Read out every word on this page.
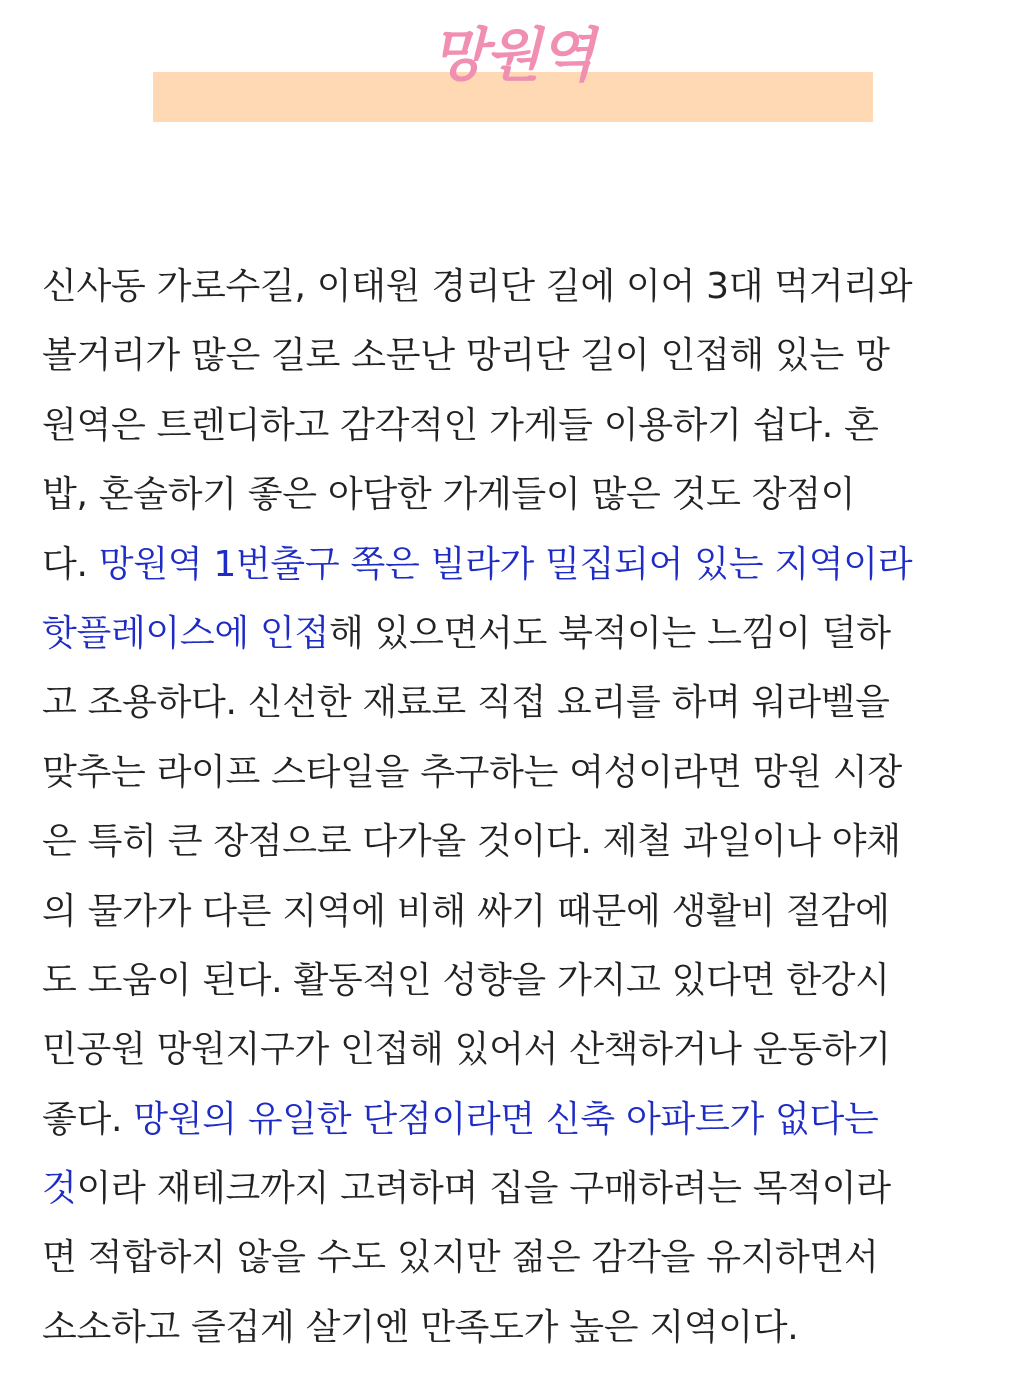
망원역
신사동 가로수길, 이태원 경리단 길에 이어 3대 먹거리와
볼거리가 많은 길로 소문난 망리단 길이 인접해 있는 망
원역은 트렌디하고 감각적인 가게들 이용하기 쉽다. 혼
밥, 혼술하기 좋은 아담한 가게들이 많은 것도 장점이
다. 망원역 1번출구 쪽은 빌라가 밀집되어 있는 지역이라
핫플레이스에 인접해 있으면서도 북적이는 느낌이 덜하
고 조용하다. 신선한 재료로 직접 요리를 하며 워라벨을
맞추는 라이프 스타일을 추구하는 여성이라면 망원 시장
은 특히 큰 장점으로 다가올 것이다. 제철 과일이나 야채
의 물가가 다른 지역에 비해 싸기 때문에 생활비 절감에
도 도움이 된다. 활동적인 성향을 가지고 있다면 한강시
민공원 망원지구가 인접해 있어서 산책하거나 운동하기
좋다. 망원의 유일한 단점이라면 신축 아파트가 없다는
것이라 재테크까지 고려하며 집을 구매하려는 목적이라
면 적합하지 않을 수도 있지만 젊은 감각을 유지하면서
소소하고 즐겁게 살기엔 만족도가 높은 지역이다.
